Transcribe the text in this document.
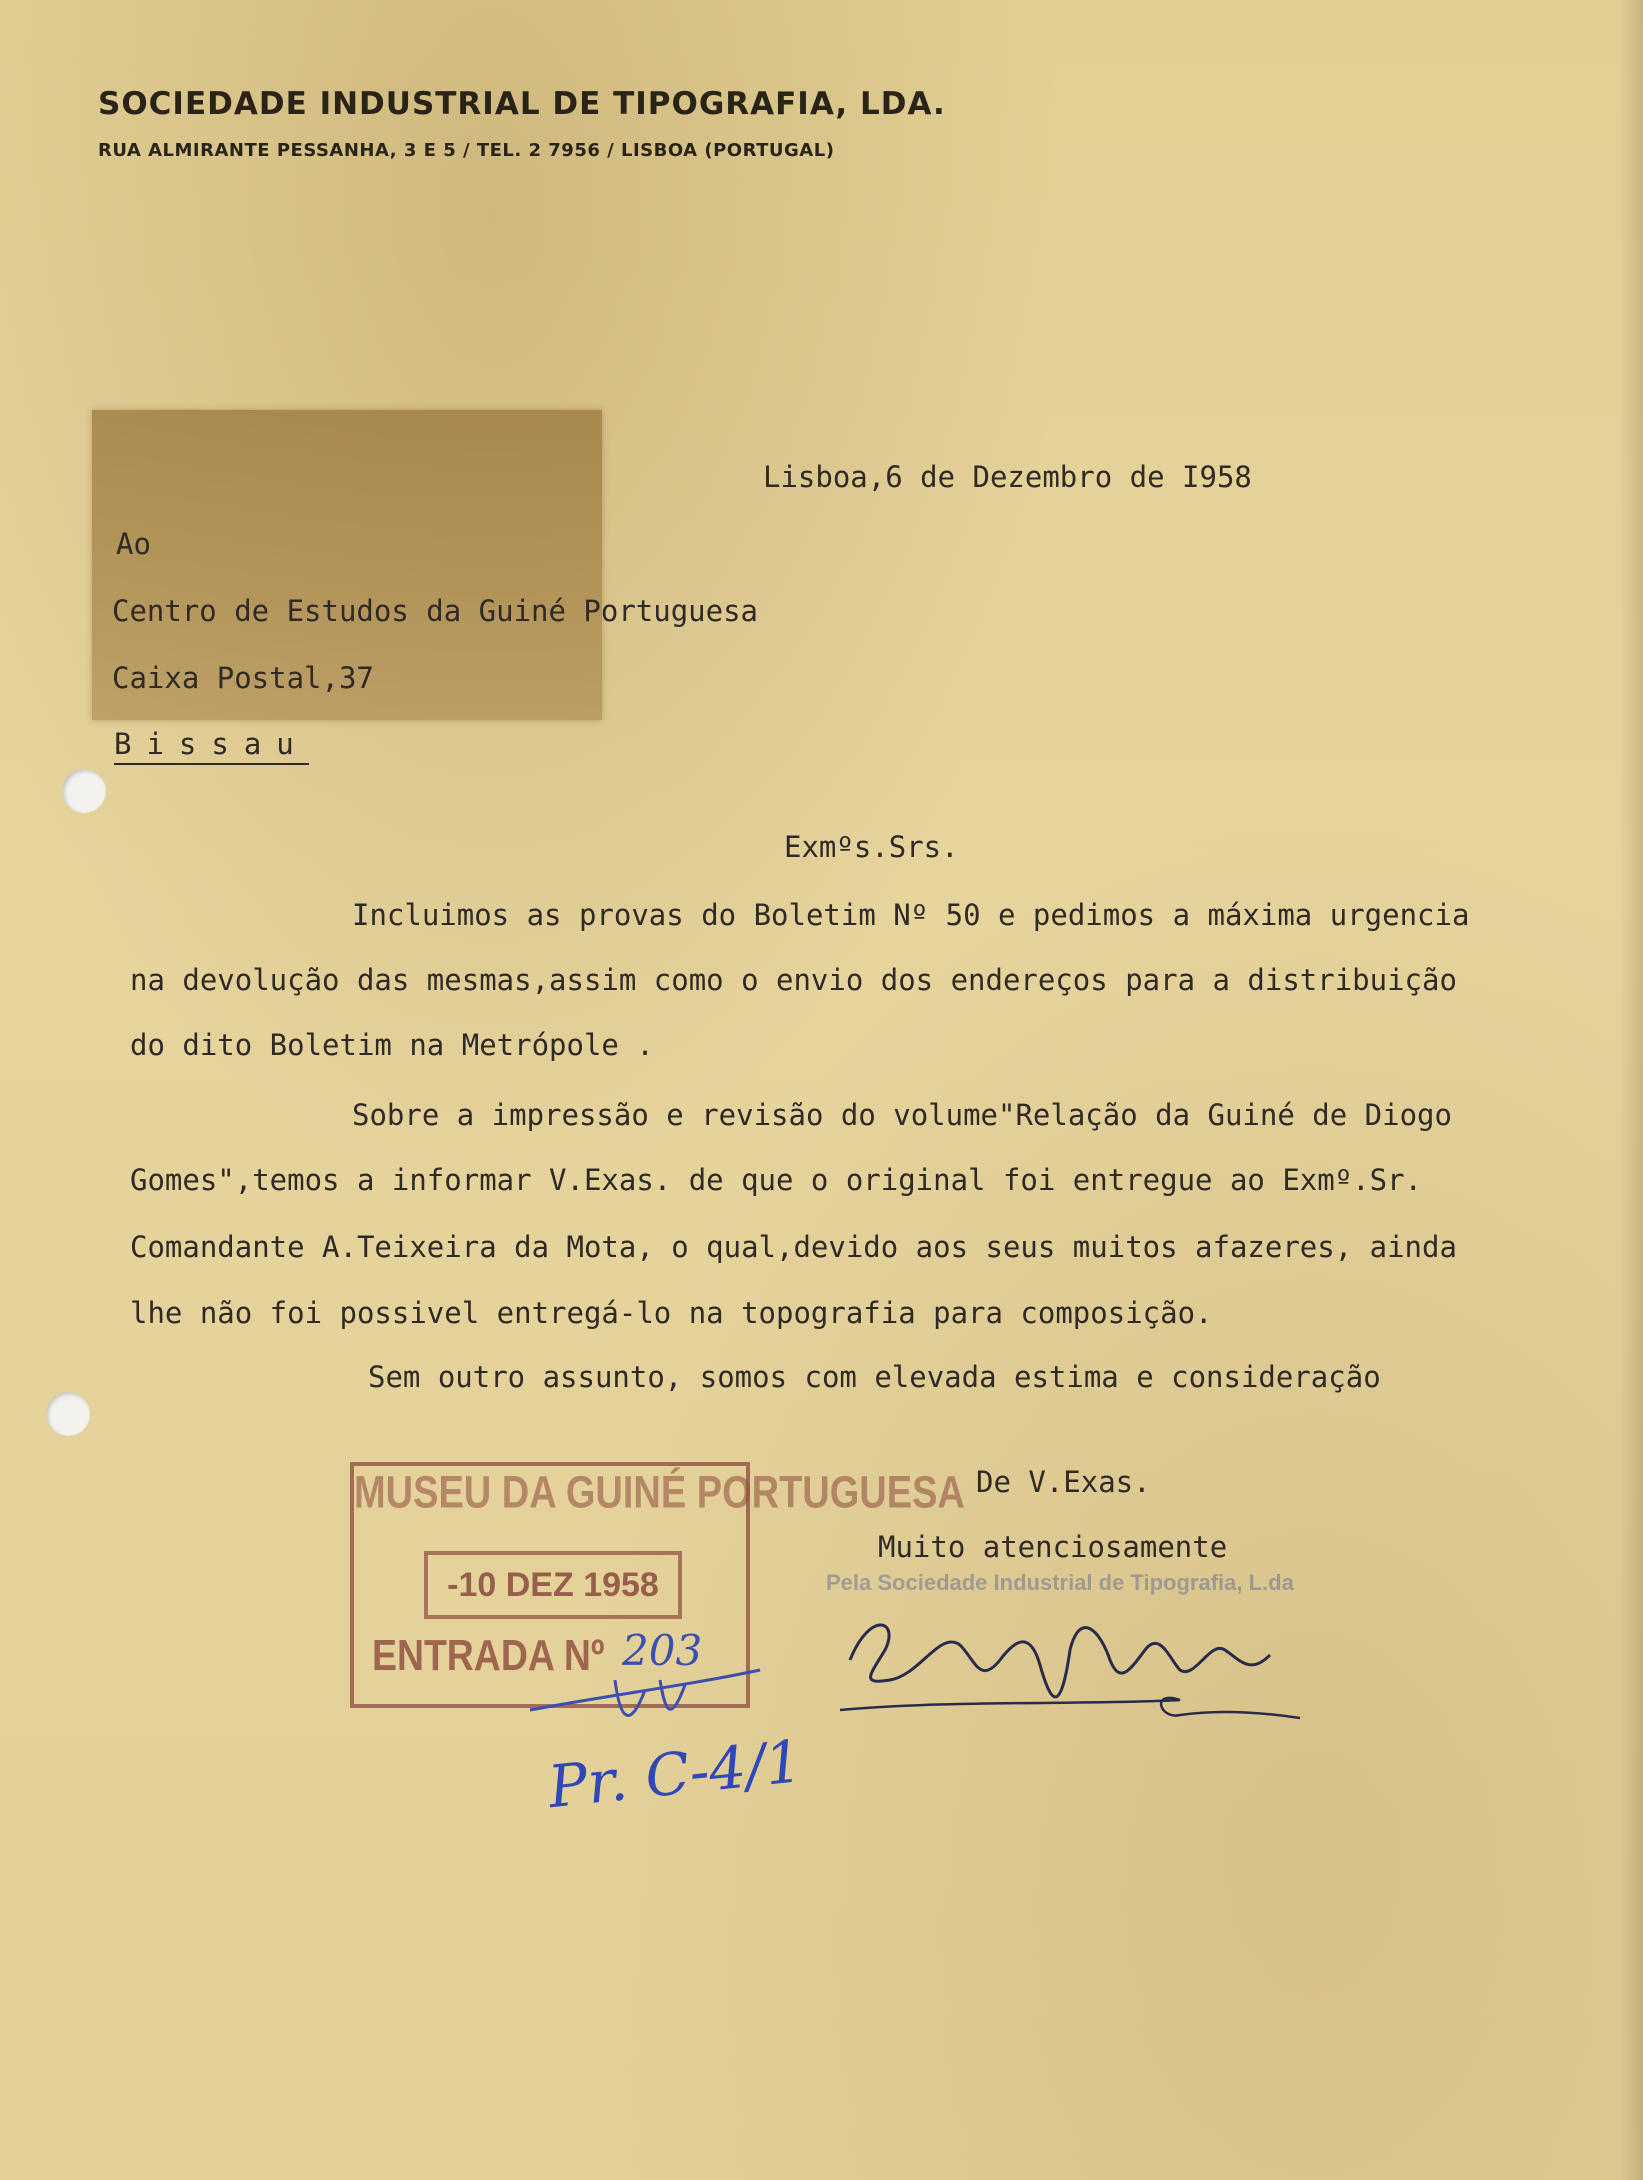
SOCIEDADE INDUSTRIAL DE TIPOGRAFIA, LDA.
RUA ALMIRANTE PESSANHA, 3 E 5 / TEL. 2 7956 / LISBOA (PORTUGAL)
Lisboa,6 de Dezembro de I958
Ao
Centro de Estudos da Guiné Portuguesa
Caixa Postal,37
Bissau
Exmºs.Srs.
Incluimos as provas do Boletim Nº 50 e pedimos a máxima urgencia
na devolução das mesmas,assim como o envio dos endereços para a distribuição
do dito Boletim na Metrópole .
Sobre a impressão e revisão do volume"Relação da Guiné de Diogo
Gomes",temos a informar V.Exas. de que o original foi entregue ao Exmº.Sr.
Comandante A.Teixeira da Mota, o qual,devido aos seus muitos afazeres, ainda
lhe não foi possivel entregá-lo na topografia para composição.
Sem outro assunto, somos com elevada estima e consideração
De V.Exas.
Muito atenciosamente
Pela Sociedade Industrial de Tipografia, L.da
MUSEU DA GUINÉ PORTUGUESA
-10 DEZ 1958
ENTRADA Nº 203
Pr. C-4/1
